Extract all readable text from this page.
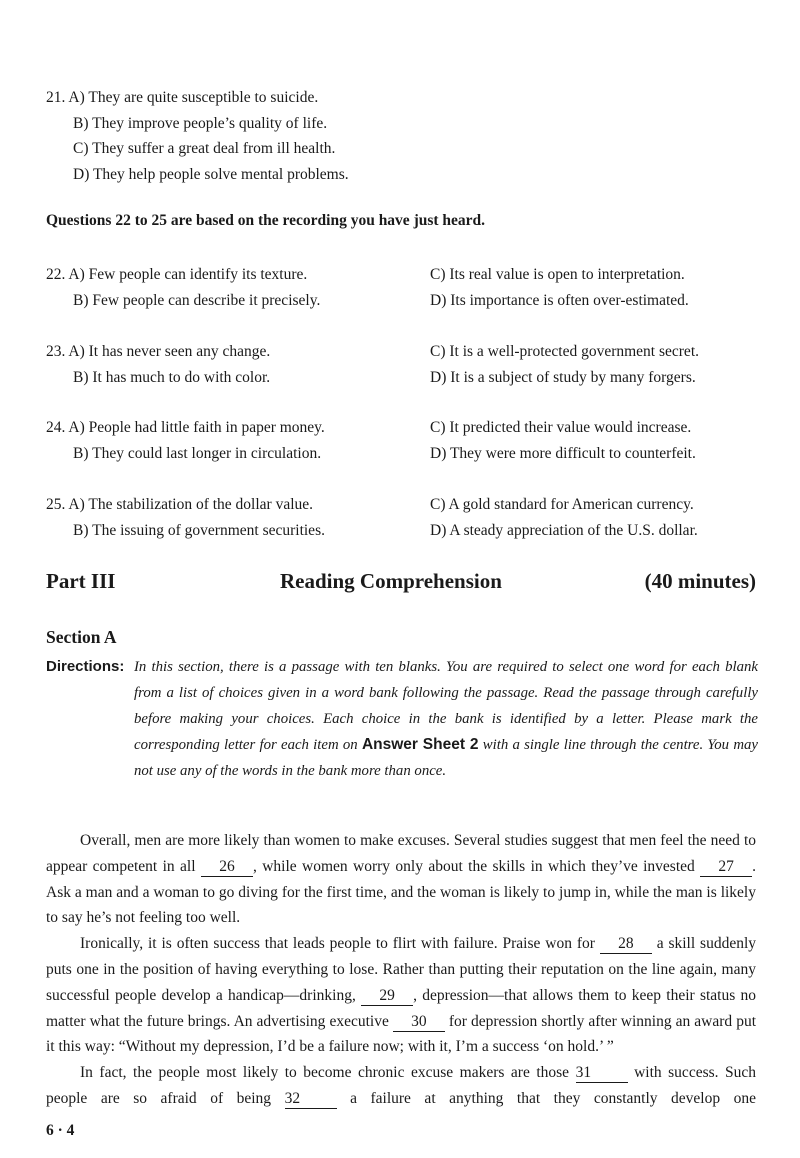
21. A) They are quite susceptible to suicide.
B) They improve people’s quality of life.
C) They suffer a great deal from ill health.
D) They help people solve mental problems.
Questions 22 to 25 are based on the recording you have just heard.
22. A) Few people can identify its texture.	C) Its real value is open to interpretation.
B) Few people can describe it precisely.	D) Its importance is often over-estimated.
23. A) It has never seen any change.	C) It is a well-protected government secret.
B) It has much to do with color.	D) It is a subject of study by many forgers.
24. A) People had little faith in paper money.	C) It predicted their value would increase.
B) They could last longer in circulation.	D) They were more difficult to counterfeit.
25. A) The stabilization of the dollar value.	C) A gold standard for American currency.
B) The issuing of government securities.	D) A steady appreciation of the U.S. dollar.
Part III	Reading Comprehension	(40 minutes)
Section A
Directions: In this section, there is a passage with ten blanks. You are required to select one word for each blank from a list of choices given in a word bank following the passage. Read the passage through carefully before making your choices. Each choice in the bank is identified by a letter. Please mark the corresponding letter for each item on Answer Sheet 2 with a single line through the centre. You may not use any of the words in the bank more than once.

Overall, men are more likely than women to make excuses. Several studies suggest that men feel the need to appear competent in all 26 , while women worry only about the skills in which they’ve invested 27 . Ask a man and a woman to go diving for the first time, and the woman is likely to jump in, while the man is likely to say he’s not feeling too well.

Ironically, it is often success that leads people to flirt with failure. Praise won for 28 a skill suddenly puts one in the position of having everything to lose. Rather than putting their reputation on the line again, many successful people develop a handicap—drinking, 29 , depression—that allows them to keep their status no matter what the future brings. An advertising executive 30 for depression shortly after winning an award put it this way: “Without my depression, I’d be a failure now; with it, I’m a success ‘on hold.’ ”

In fact, the people most likely to become chronic excuse makers are those 31	with success. Such people are so afraid of being 32	a failure at anything that they constantly develop one

6 · 4
